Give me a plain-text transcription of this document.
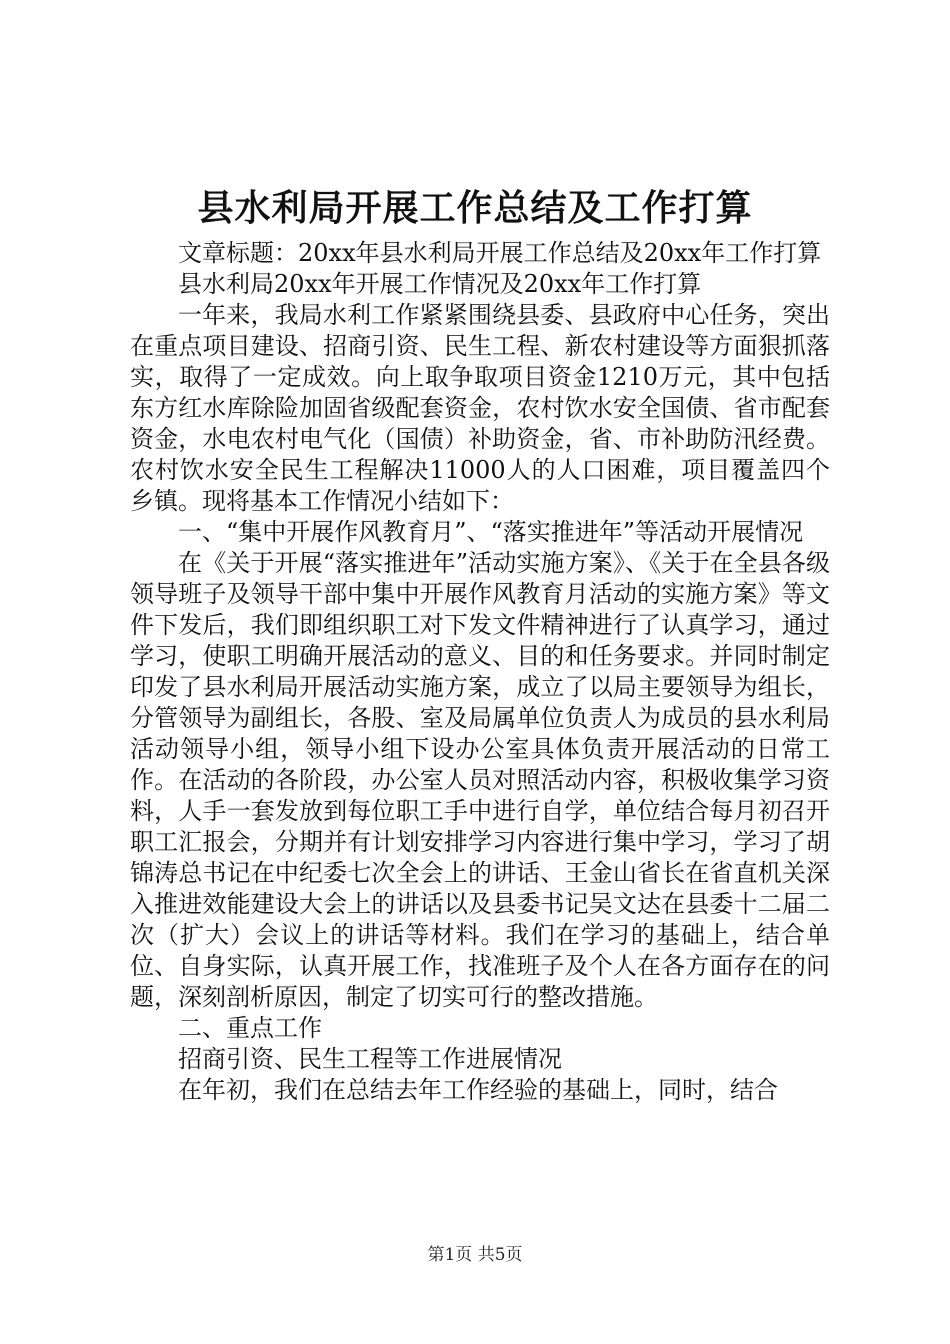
县水利局开展工作总结及工作打算

文章标题：20xx年县水利局开展工作总结及20xx年工作打算

县水利局20xx年开展工作情况及20xx年工作打算

一年来，我局水利工作紧紧围绕县委、县政府中心任务，突出在重点项目建设、招商引资、民生工程、新农村建设等方面狠抓落实，取得了一定成效。向上取争取项目资金1210万元，其中包括东方红水库除险加固省级配套资金，农村饮水安全国债、省市配套资金，水电农村电气化（国债）补助资金，省、市补助防汛经费。农村饮水安全民生工程解决11000人的人口困难，项目覆盖四个乡镇。现将基本工作情况小结如下：

一、“集中开展作风教育月”、“落实推进年”等活动开展情况

在《关于开展“落实推进年”活动实施方案》、《关于在全县各级领导班子及领导干部中集中开展作风教育月活动的实施方案》等文件下发后，我们即组织职工对下发文件精神进行了认真学习，通过学习，使职工明确开展活动的意义、目的和任务要求。并同时制定印发了县水利局开展活动实施方案，成立了以局主要领导为组长，分管领导为副组长，各股、室及局属单位负责人为成员的县水利局活动领导小组，领导小组下设办公室具体负责开展活动的日常工作。在活动的各阶段，办公室人员对照活动内容，积极收集学习资料，人手一套发放到每位职工手中进行自学，单位结合每月初召开职工汇报会，分期并有计划安排学习内容进行集中学习，学习了胡锦涛总书记在中纪委七次全会上的讲话、王金山省长在省直机关深入推进效能建设大会上的讲话以及县委书记吴文达在县委十二届二次（扩大）会议上的讲话等材料。我们在学习的基础上，结合单位、自身实际，认真开展工作，找准班子及个人在各方面存在的问题，深刻剖析原因，制定了切实可行的整改措施。

二、重点工作

招商引资、民生工程等工作进展情况

在年初，我们在总结去年工作经验的基础上，同时，结合

第1页 共5页
